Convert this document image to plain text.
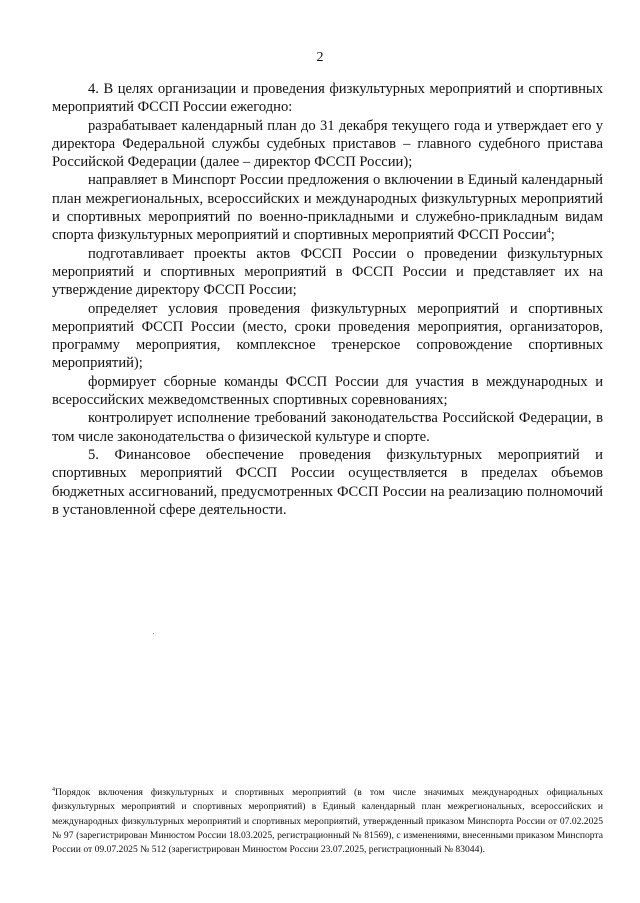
2

4. В целях организации и проведения физкультурных мероприятий и спортивных мероприятий ФССП России ежегодно:

разрабатывает календарный план до 31 декабря текущего года и утверждает его у директора Федеральной службы судебных приставов – главного судебного пристава Российской Федерации (далее – директор ФССП России);

направляет в Минспорт России предложения о включении в Единый календарный план межрегиональных, всероссийских и международных физкультурных мероприятий и спортивных мероприятий по военно-прикладными и служебно-прикладным видам спорта физкультурных мероприятий и спортивных мероприятий ФССП России$^4$;

подготавливает проекты актов ФССП России о проведении физкультурных мероприятий и спортивных мероприятий в ФССП России и представляет их на утверждение директору ФССП России;

определяет условия проведения физкультурных мероприятий и спортивных мероприятий ФССП России (место, сроки проведения мероприятия, организаторов, программу мероприятия, комплексное тренерское сопровождение спортивных мероприятий);

формирует сборные команды ФССП России для участия в международных и всероссийских межведомственных спортивных соревнованиях;

контролирует исполнение требований законодательства Российской Федерации, в том числе законодательства о физической культуре и спорте.

5. Финансовое обеспечение проведения физкультурных мероприятий и спортивных мероприятий ФССП России осуществляется в пределах объемов бюджетных ассигнований, предусмотренных ФССП России на реализацию полномочий в установленной сфере деятельности.

$^4$Порядок включения физкультурных и спортивных мероприятий (в том числе значимых международных официальных физкультурных мероприятий и спортивных мероприятий) в Единый календарный план межрегиональных, всероссийских и международных физкультурных мероприятий и спортивных мероприятий, утвержденный приказом Минспорта России от 07.02.2025 № 97 (зарегистрирован Минюстом России 18.03.2025, регистрационный № 81569), с изменениями, внесенными приказом Минспорта России от 09.07.2025 № 512 (зарегистрирован Минюстом России 23.07.2025, регистрационный № 83044).
